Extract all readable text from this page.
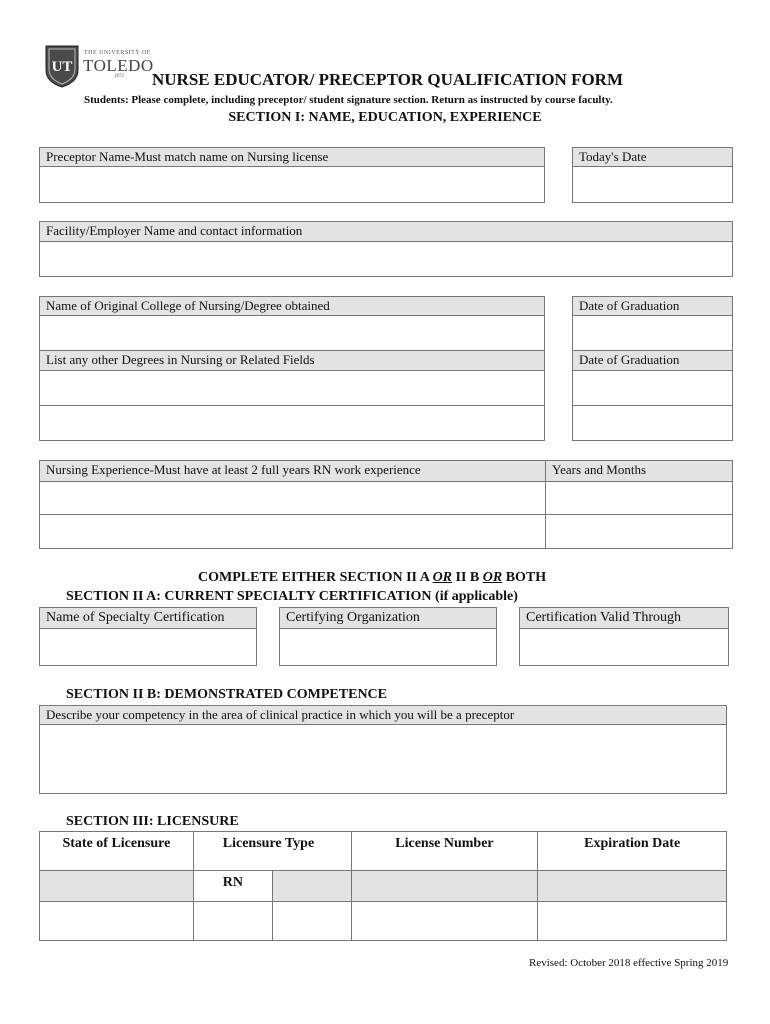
UT
THE UNIVERSITY OF
TOLEDO
1872 NURSE EDUCATOR/ PRECEPTOR QUALIFICATION FORM
Students: Please complete, including preceptor/ student signature section. Return as instructed by course faculty.
SECTION I: NAME, EDUCATION, EXPERIENCE
Preceptor Name-Must match name on Nursing license	Today's Date
Facility/Employer Name and contact information
Name of Original College of Nursing/Degree obtained	Date of Graduation
List any other Degrees in Nursing or Related Fields	Date of Graduation
Nursing Experience-Must have at least 2 full years RN work experience	Years and Months
COMPLETE EITHER SECTION II A OR II B OR BOTH
SECTION II A: CURRENT SPECIALTY CERTIFICATION (if applicable)
Name of Specialty Certification	Certifying Organization	Certification Valid Through
SECTION II B: DEMONSTRATED COMPETENCE
Describe your competency in the area of clinical practice in which you will be a preceptor
SECTION III: LICENSURE
State of Licensure	Licensure Type		License Number	Expiration Date
	RN			

Revised: October 2018 effective Spring 2019
